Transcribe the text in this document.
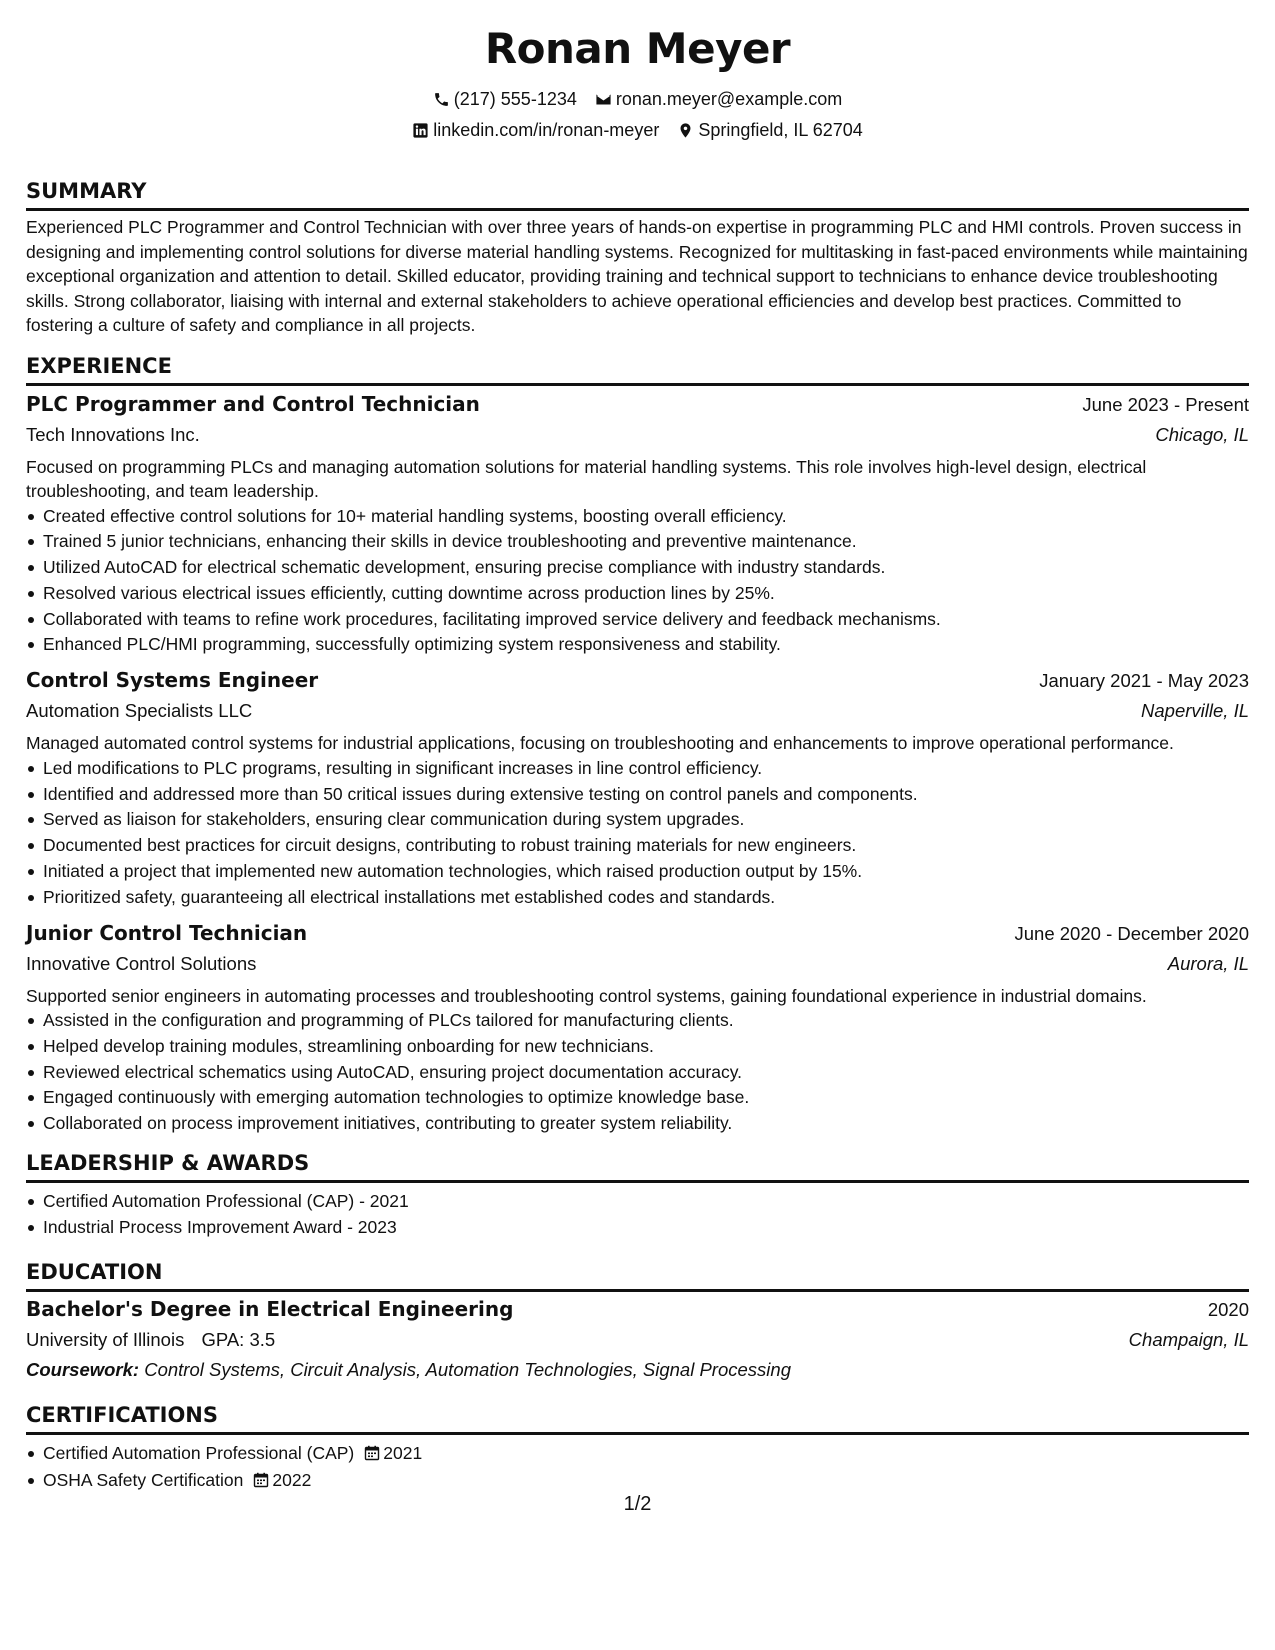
Ronan Meyer
(217) 555-1234 ronan.meyer@example.com
linkedin.com/in/ronan-meyer Springfield, IL 62704
SUMMARY

Experienced PLC Programmer and Control Technician with over three years of hands-on expertise in programming PLC and HMI controls. Proven success in designing and implementing control solutions for diverse material handling systems. Recognized for multitasking in fast-paced environments while maintaining exceptional organization and attention to detail. Skilled educator, providing training and technical support to technicians to enhance device troubleshooting skills. Strong collaborator, liaising with internal and external stakeholders to achieve operational efficiencies and develop best practices. Committed to fostering a culture of safety and compliance in all projects.

EXPERIENCE
PLC Programmer and Control Technician	June 2023 - Present
Tech Innovations Inc.	Chicago, IL

Focused on programming PLCs and managing automation solutions for material handling systems. This role involves high-level design, electrical troubleshooting, and team leadership.

Created effective control solutions for 10+ material handling systems, boosting overall efficiency.
Trained 5 junior technicians, enhancing their skills in device troubleshooting and preventive maintenance.
Utilized AutoCAD for electrical schematic development, ensuring precise compliance with industry standards.
Resolved various electrical issues efficiently, cutting downtime across production lines by 25%.
Collaborated with teams to refine work procedures, facilitating improved service delivery and feedback mechanisms.
Enhanced PLC/HMI programming, successfully optimizing system responsiveness and stability.
Control Systems Engineer	January 2021 - May 2023
Automation Specialists LLC	Naperville, IL

Managed automated control systems for industrial applications, focusing on troubleshooting and enhancements to improve operational performance.

Led modifications to PLC programs, resulting in significant increases in line control efficiency.
Identified and addressed more than 50 critical issues during extensive testing on control panels and components.
Served as liaison for stakeholders, ensuring clear communication during system upgrades.
Documented best practices for circuit designs, contributing to robust training materials for new engineers.
Initiated a project that implemented new automation technologies, which raised production output by 15%.
Prioritized safety, guaranteeing all electrical installations met established codes and standards.
Junior Control Technician	June 2020 - December 2020
Innovative Control Solutions	Aurora, IL

Supported senior engineers in automating processes and troubleshooting control systems, gaining foundational experience in industrial domains.

Assisted in the configuration and programming of PLCs tailored for manufacturing clients.
Helped develop training modules, streamlining onboarding for new technicians.
Reviewed electrical schematics using AutoCAD, ensuring project documentation accuracy.
Engaged continuously with emerging automation technologies to optimize knowledge base.
Collaborated on process improvement initiatives, contributing to greater system reliability.
LEADERSHIP & AWARDS
Certified Automation Professional (CAP) - 2021
Industrial Process Improvement Award - 2023
EDUCATION
Bachelor's Degree in Electrical Engineering	2020
University of Illinois GPA: 3.5	Champaign, IL
Coursework: Control Systems, Circuit Analysis, Automation Technologies, Signal Processing
CERTIFICATIONS
Certified Automation Professional (CAP) 2021
OSHA Safety Certification 2022
1/2
